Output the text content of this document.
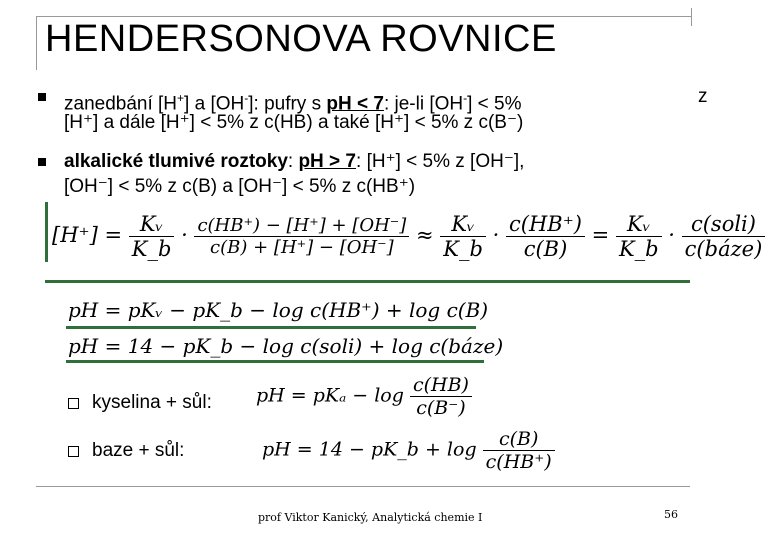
HENDERSONOVA ROVNICE
zanedbání [H+] a [OH-]: pufry s pH < 7: je-li [OH-] < 5%	z
[H⁺] a dále [H⁺] < 5% z c(HB) a také [H⁺] < 5% z c(B⁻)
alkalické tlumivé roztoky: pH > 7: [H⁺] < 5% z [OH⁻],
[OH⁻] < 5% z c(B) a [OH⁻] < 5% z c(HB⁺)
$[H^+] = \frac{\text{Kᵥ}}{K\_b} \cdot \frac{c(HB^+) - [H^+] + [OH^-]}{c(B) + [H^+] - [OH^-]} \approx \frac{\text{Kᵥ}}{K\_b} \cdot \frac{c(HB^+)}{c(B)} = \frac{\text{Kᵥ}}{K\_b} \cdot \frac{\text{c(soli)}}{\text{c(báze)}}$
pH = pKᵥ − pK_b − log c(HB⁺) + log c(B)
pH = 14 − pK_b − log c(soli) + log c(báze)
kyselina + sůl: pH = $pK_a - \log \frac{c(HB)}{c(B^-)}$
baze + sůl:	pH = 14 − pK_b + $\log \frac{c(B)}{c(HB^+)}$
prof Viktor Kanický, Analytická chemie I	56
